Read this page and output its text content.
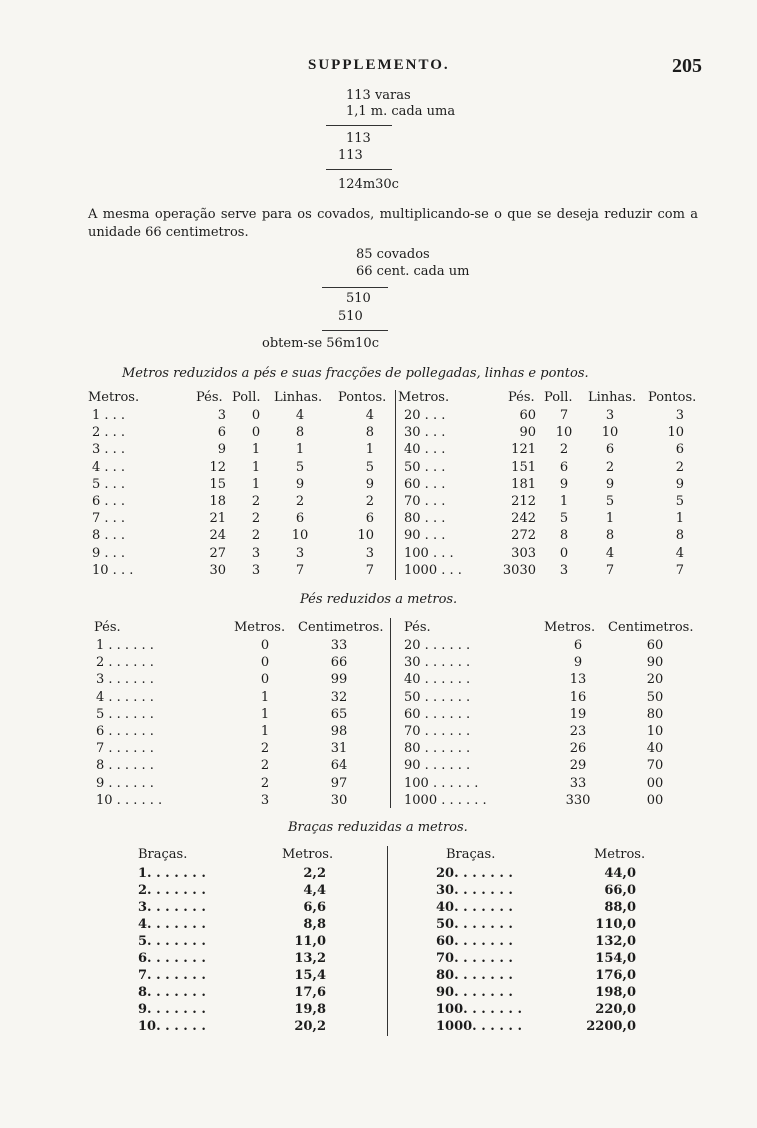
SUPPLEMENTO.	205
113 varas
1,1 m. cada uma
113
113
124m30c
A mesma operação serve para os covados, multiplicando-se o que se deseja reduzir com a unidade 66 centimetros.
85 covados
66 cent. cada um
510
510
obtem-se 56m10c
Metros reduzidos a pés e suas fracções de pollegadas, linhas e pontos.
Metros.	Pés. Poll. Linhas. Pontos. Metros.	Pés. Poll. Linhas. Pontos.
1 . . .	3	0	4	4 20 . . .	60	7	3	3
2 . . .	6	0	8	8 30 . . .	90 10	10	10
3 . . .	9	1	1	1 40 . . .	121	2	6	6
4 . . .	12	1	5	5 50 . . .	151	6	2	2
5 . . .	15	1	9	9 60 . . .	181	9	9	9
6 . . .	18	2	2	2 70 . . .	212	1	5	5
7 . . .	21	2	6	6 80 . . .	242	5	1	1
8 . . .	24	2	10	10 90 . . .	272	8	8	8
9 . . .	27	3	3	3 100 . . .	303	0	4	4
10 . . .	30	3	7	7 1000 . . .	3030	3	7	7
Pés reduzidos a metros.
Pés.	Metros. Centimetros. Pés.	Metros. Centimetros.
1 . . . . . .	0	33	20 . . . . . .	6	60
2 . . . . . .	0	66	30 . . . . . .	9	90
3 . . . . . .	0	99	40 . . . . . .	13	20
4 . . . . . .	1	32	50 . . . . . .	16	50
5 . . . . . .	1	65	60 . . . . . .	19	80
6 . . . . . .	1	98	70 . . . . . .	23	10
7 . . . . . .	2	31	80 . . . . . .	26	40
8 . . . . . .	2	64	90 . . . . . .	29	70
9 . . . . . .	2	97	100 . . . . . .	33	00
10 . . . . . .	3	30	1000 . . . . . .	330	00
Braças reduzidas a metros.
Braças.	Metros.	Braças.	Metros.
1. . . . . . .	2,2	20. . . . . . .	44,0
2. . . . . . .	4,4	30. . . . . . .	66,0
3. . . . . . .	6,6	40. . . . . . .	88,0
4. . . . . . .	8,8	50. . . . . . .	110,0
5. . . . . . .	11,0	60. . . . . . .	132,0
6. . . . . . .	13,2	70. . . . . . .	154,0
7. . . . . . .	15,4	80. . . . . . .	176,0
8. . . . . . .	17,6	90. . . . . . .	198,0
9. . . . . . .	19,8	100. . . . . . .	220,0
10. . . . . .	20,2	1000. . . . . .	2200,0
